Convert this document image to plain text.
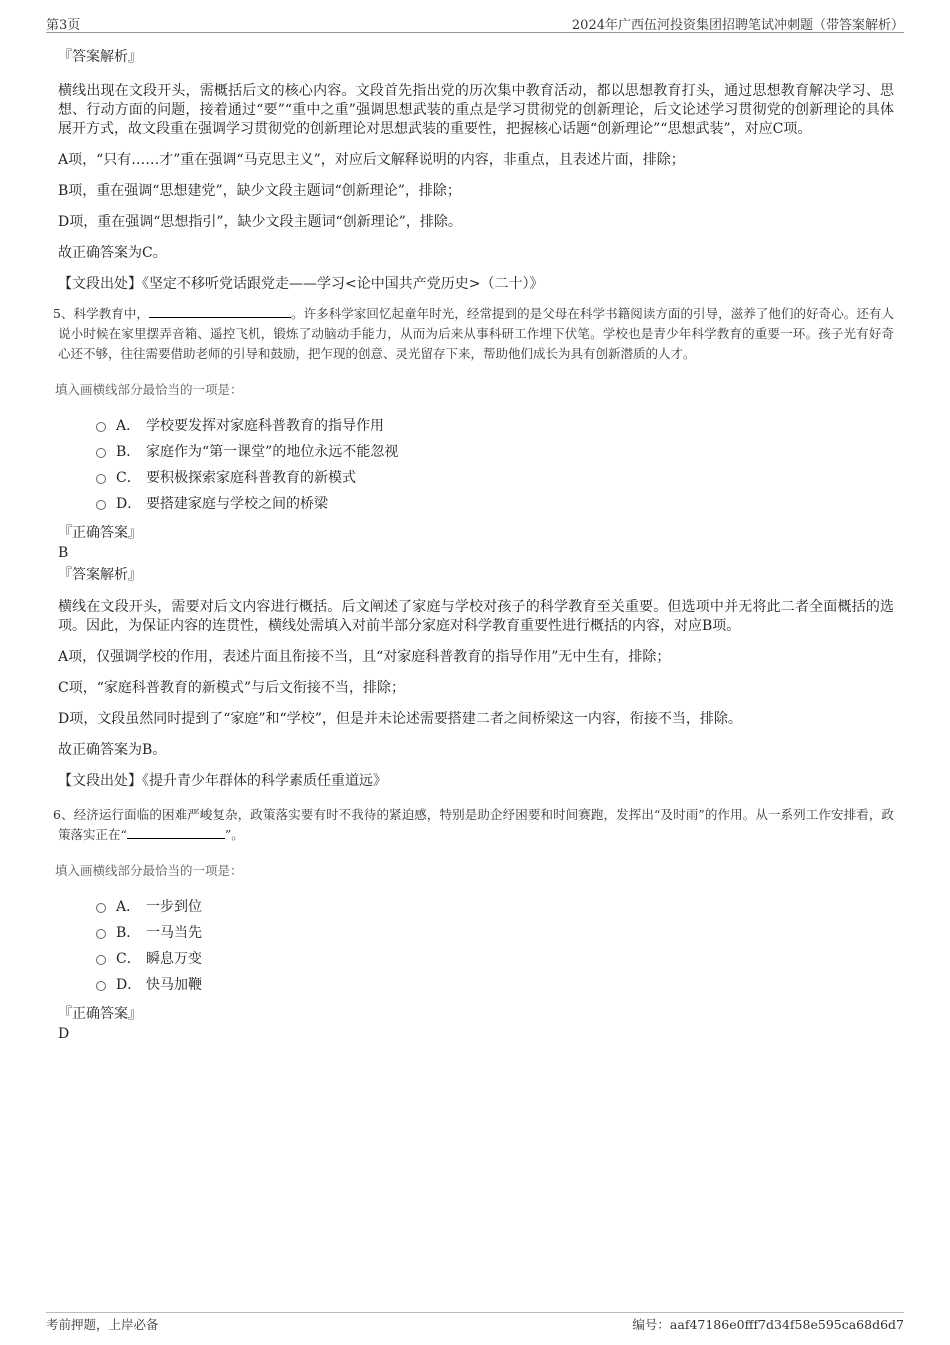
第3页	2024年广西伍河投资集团招聘笔试冲刺题（带答案解析）
『答案解析』

横线出现在文段开头，需概括后文的核心内容。文段首先指出党的历次集中教育活动，都以思想教育打头，通过思想教育解决学习、思想、行动方面的问题，接着通过“要”“重中之重”强调思想武装的重点是学习贯彻党的创新理论，后文论述学习贯彻党的创新理论的具体展开方式，故文段重在强调学习贯彻党的创新理论对思想武装的重要性，把握核心话题“创新理论”“思想武装”，对应C项。

A项，“只有……才”重在强调“马克思主义”，对应后文解释说明的内容，非重点，且表述片面，排除；

B项，重在强调“思想建党”，缺少文段主题词“创新理论”，排除；

D项，重在强调“思想指引”，缺少文段主题词“创新理论”，排除。

故正确答案为C。

【文段出处】《坚定不移听党话跟党走——学习<论中国共产党历史>（二十）》

5、科学教育中，	。许多科学家回忆起童年时光，经常提到的是父母在科学书籍阅读方面的引导，滋养了他们的好奇心。还有人说小时候在家里摆弄音箱、遥控飞机，锻炼了动脑动手能力，从而为后来从事科研工作埋下伏笔。学校也是青少年科学教育的重要一环。孩子光有好奇心还不够，往往需要借助老师的引导和鼓励，把乍现的创意、灵光留存下来，帮助他们成长为具有创新潜质的人才。

填入画横线部分最恰当的一项是：

A． 学校要发挥对家庭科普教育的指导作用
B． 家庭作为“第一课堂”的地位永远不能忽视
C． 要积极探索家庭科普教育的新模式
D． 要搭建家庭与学校之间的桥梁
『正确答案』
B
『答案解析』

横线在文段开头，需要对后文内容进行概括。后文阐述了家庭与学校对孩子的科学教育至关重要。但选项中并无将此二者全面概括的选项。因此，为保证内容的连贯性，横线处需填入对前半部分家庭对科学教育重要性进行概括的内容，对应B项。

A项，仅强调学校的作用，表述片面且衔接不当，且“对家庭科普教育的指导作用”无中生有，排除；

C项，“家庭科普教育的新模式”与后文衔接不当，排除；

D项，文段虽然同时提到了“家庭”和“学校”，但是并未论述需要搭建二者之间桥梁这一内容，衔接不当，排除。

故正确答案为B。

【文段出处】《提升青少年群体的科学素质任重道远》

6、经济运行面临的困难严峻复杂，政策落实要有时不我待的紧迫感，特别是助企纾困要和时间赛跑，发挥出“及时雨”的作用。从一系列工作安排看，政策落实正在“	”。

填入画横线部分最恰当的一项是：

A． 一步到位
B． 一马当先
C． 瞬息万变
D． 快马加鞭
『正确答案』
D
考前押题，上岸必备	编号：aaf47186e0fff7d34f58e595ca68d6d7
